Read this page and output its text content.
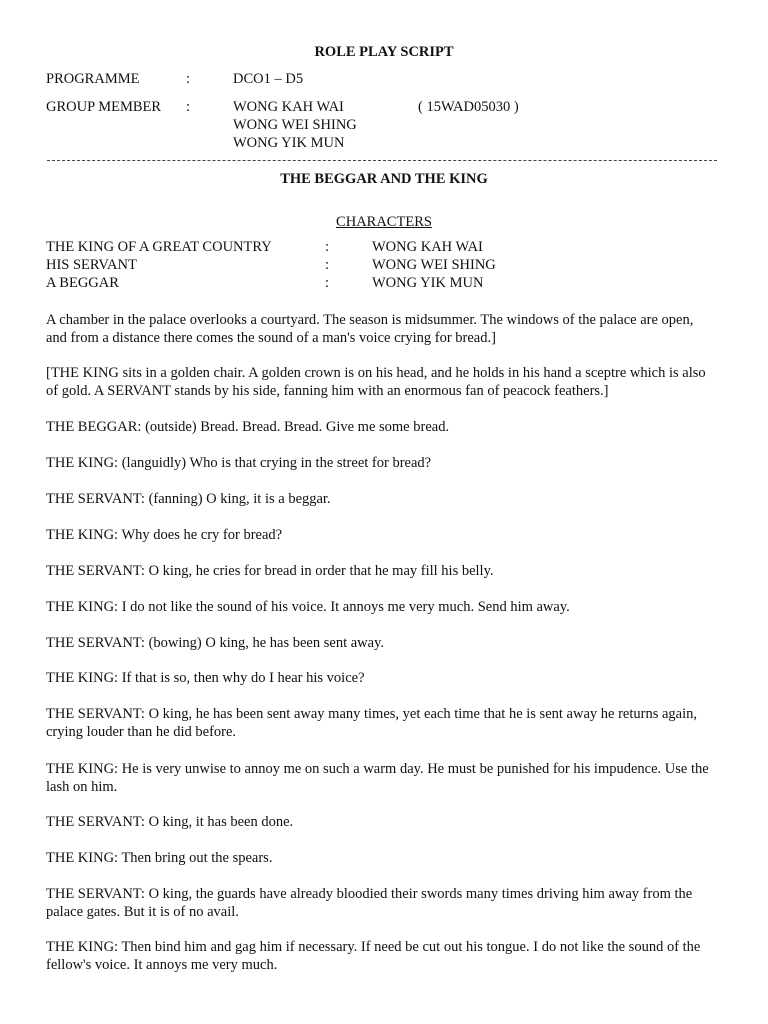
ROLE PLAY SCRIPT
PROGRAMME	:	DCO1 – D5
GROUP MEMBER :	WONG KAH WAI	( 15WAD05030 )
WONG WEI SHING
WONG YIK MUN
THE BEGGAR AND THE KING
CHARACTERS
THE KING OF A GREAT COUNTRY	:	WONG KAH WAI
HIS SERVANT	:	WONG WEI SHING
A BEGGAR	:	WONG YIK MUN
A chamber in the palace overlooks a courtyard. The season is midsummer. The windows of the palace are open, and from a distance there comes the sound of a man's voice crying for bread.]
[THE KING sits in a golden chair. A golden crown is on his head, and he holds in his hand a sceptre which is also of gold. A SERVANT stands by his side, fanning him with an enormous fan of peacock feathers.]
THE BEGGAR: (outside) Bread. Bread. Bread. Give me some bread.
THE KING: (languidly) Who is that crying in the street for bread?
THE SERVANT: (fanning) O king, it is a beggar.
THE KING: Why does he cry for bread?
THE SERVANT: O king, he cries for bread in order that he may fill his belly.
THE KING: I do not like the sound of his voice. It annoys me very much. Send him away.
THE SERVANT: (bowing) O king, he has been sent away.
THE KING: If that is so, then why do I hear his voice?
THE SERVANT: O king, he has been sent away many times, yet each time that he is sent away he returns again, crying louder than he did before.
THE KING: He is very unwise to annoy me on such a warm day. He must be punished for his impudence. Use the lash on him.
THE SERVANT: O king, it has been done.
THE KING: Then bring out the spears.
THE SERVANT: O king, the guards have already bloodied their swords many times driving him away from the palace gates. But it is of no avail.
THE KING: Then bind him and gag him if necessary. If need be cut out his tongue. I do not like the sound of the fellow's voice. It annoys me very much.
